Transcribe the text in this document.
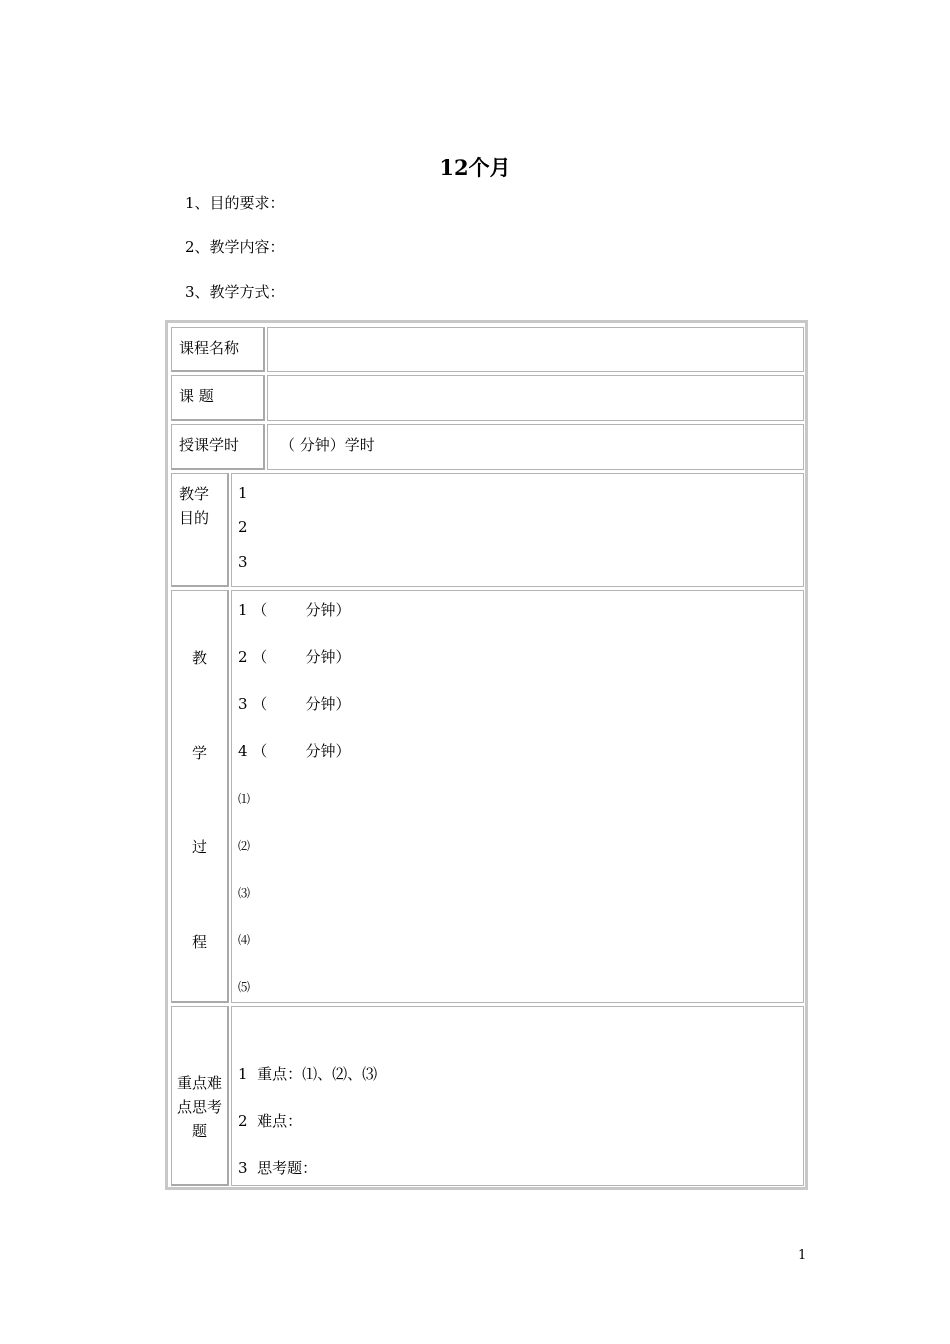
12个月

1、目的要求：

2、教学内容：

3、教学方式：

课程名称
课 题
授课学时	（ 分钟）学时
教学目的
1
2
3
教
学
过
程
1 （        分钟）
2 （        分钟）
3 （        分钟）
4 （        分钟）
⑴
⑵
⑶
⑷
⑸
重点难点思考题
1  重点：⑴、⑵、⑶
2  难点：
3  思考题：
1
